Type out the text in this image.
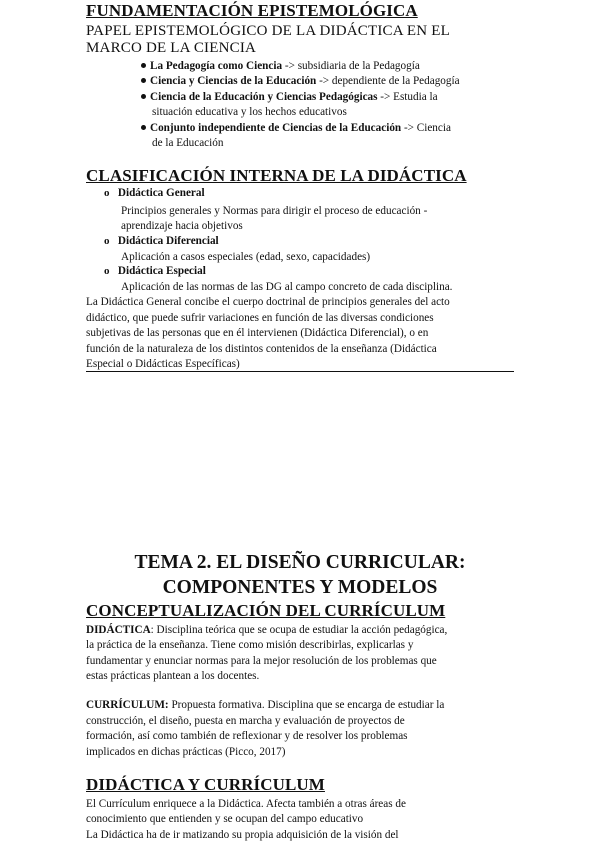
FUNDAMENTACIÓN EPISTEMOLÓGICA
PAPEL EPISTEMOLÓGICO DE LA DIDÁCTICA EN EL
MARCO DE LA CIENCIA
La Pedagogía como Ciencia -> subsidiaria de la Pedagogía
Ciencia y Ciencias de la Educación -> dependiente de la Pedagogía
Ciencia de la Educación y Ciencias Pedagógicas -> Estudia la
situación educativa y los hechos educativos
Conjunto independiente de Ciencias de la Educación -> Ciencia
de la Educación
CLASIFICACIÓN INTERNA DE LA DIDÁCTICA
o Didáctica General
Principios generales y Normas para dirigir el proceso de educación -
aprendizaje hacia objetivos
o Didáctica Diferencial
Aplicación a casos especiales (edad, sexo, capacidades)
o Didáctica Especial
Aplicación de las normas de las DG al campo concreto de cada disciplina.
La Didáctica General concibe el cuerpo doctrinal de principios generales del acto
didáctico, que puede sufrir variaciones en función de las diversas condiciones
subjetivas de las personas que en él intervienen (Didáctica Diferencial), o en
función de la naturaleza de los distintos contenidos de la enseñanza (Didáctica
Especial o Didácticas Específicas)
TEMA 2. EL DISEÑO CURRICULAR:
COMPONENTES Y MODELOS
CONCEPTUALIZACIÓN DEL CURRÍCULUM
DIDÁCTICA: Disciplina teórica que se ocupa de estudiar la acción pedagógica,
la práctica de la enseñanza. Tiene como misión describirlas, explicarlas y
fundamentar y enunciar normas para la mejor resolución de los problemas que
estas prácticas plantean a los docentes.
CURRÍCULUM: Propuesta formativa. Disciplina que se encarga de estudiar la
construcción, el diseño, puesta en marcha y evaluación de proyectos de
formación, así como también de reflexionar y de resolver los problemas
implicados en dichas prácticas (Picco, 2017)
DIDÁCTICA Y CURRÍCULUM
El Currículum enriquece a la Didáctica. Afecta también a otras áreas de
conocimiento que entienden y se ocupan del campo educativo
La Didáctica ha de ir matizando su propia adquisición de la visión del
